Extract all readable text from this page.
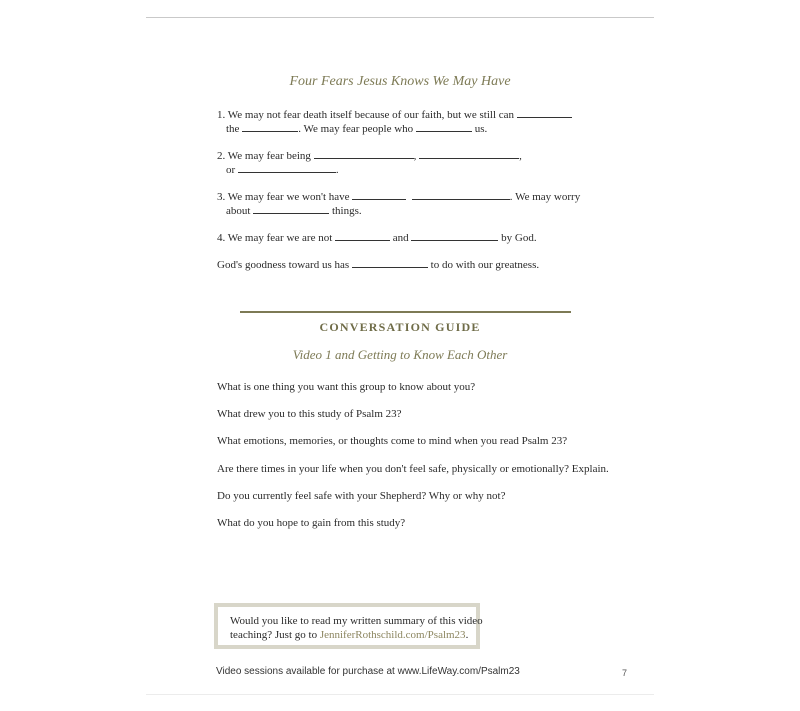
Four Fears Jesus Knows We May Have
1. We may not fear death itself because of our faith, but we still can
the	. We may fear people who	us.
2. We may fear being	,	,
or	.
3. We may fear we won't have	. We may worry
about	things.
4. We may fear we are not	and	by God.
God's goodness toward us has	to do with our greatness.
CONVERSATION GUIDE
Video 1 and Getting to Know Each Other
What is one thing you want this group to know about you?
What drew you to this study of Psalm 23?
What emotions, memories, or thoughts come to mind when you read Psalm 23?
Are there times in your life when you don't feel safe, physically or emotionally? Explain.
Do you currently feel safe with your Shepherd? Why or why not?
What do you hope to gain from this study?
Would you like to read my written summary of this video
teaching? Just go to JenniferRothschild.com/Psalm23.
Video sessions available for purchase at www.LifeWay.com/Psalm23	7
